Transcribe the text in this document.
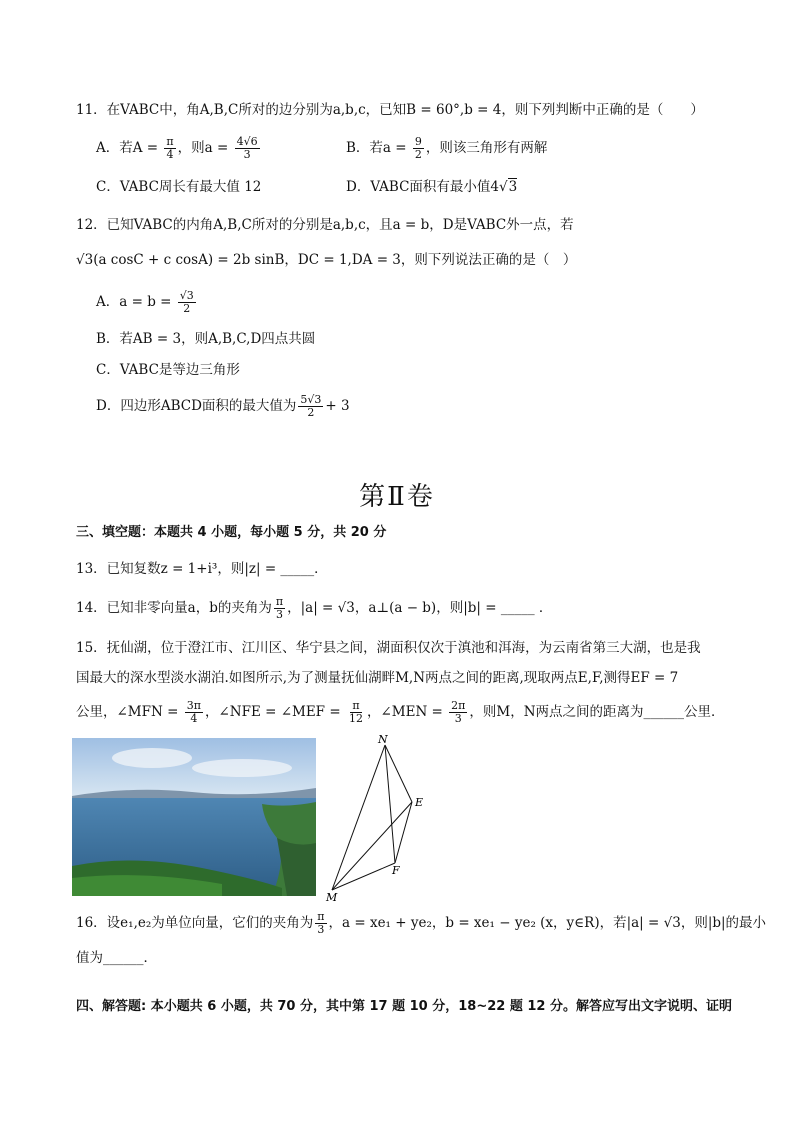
11．在VABC中，角A,B,C所对的边分别为a,b,c，已知B = 60°,b = 4，则下列判断中正确的是（　　）
A．若$A = \frac{\pi}{4}$ ，则$a = \frac{4√6}{3}$	B．若$a = \frac{9}{2}$ ，则该三角形有两解
C．VABC周长有最大值 12	D．VABC面积有最小值4√3
12．已知VABC的内角A,B,C所对的分别是a,b,c，且a = b，D是VABC外一点，若
√3(a cosC + c cosA) = 2b sinB，DC = 1,DA = 3，则下列说法正确的是（　）
A．$a = b = \frac{√3}{2}$
B．若AB = 3，则A,B,C,D四点共圆
C．VABC是等边三角形
D．四边形ABCD面积的最大值为 $\frac{5√3}{2} + 3$
第Ⅱ卷
三、填空题：本题共 4 小题，每小题 5 分，共 20 分
13．已知复数z = 1+i³，则|z| = _____．
14．已知非零向量a，b的夹角为 $\frac{\pi}{3}$ ，|a| = √3，a⊥(a − b)，则|b| = _____ ．
15．抚仙湖，位于澄江市、江川区、华宁县之间，湖面积仅次于滇池和洱海，为云南省第三大湖，也是我
国最大的深水型淡水湖泊.如图所示,为了测量抚仙湖畔M,N两点之间的距离,现取两点E,F,测得EF = 7
公里，∠MFN = $\frac{3\pi}{4}$ ，∠NFE = ∠MEF = $\frac{\pi}{12}$ ，∠MEN = $\frac{2\pi}{3}$ ，则M，N两点之间的距离为______公里．
N
E
F
M
16．设e₁,e₂为单位向量，它们的夹角为 $\frac{\pi}{3}$ ，a = xe₁ + ye₂，b = xe₁ − ye₂ (x，y∈R)，若|a| = √3，则|b|的最小
值为______．
四、解答题: 本小题共 6 小题，共 70 分，其中第 17 题 10 分，18~22 题 12 分。解答应写出文字说明、证明
